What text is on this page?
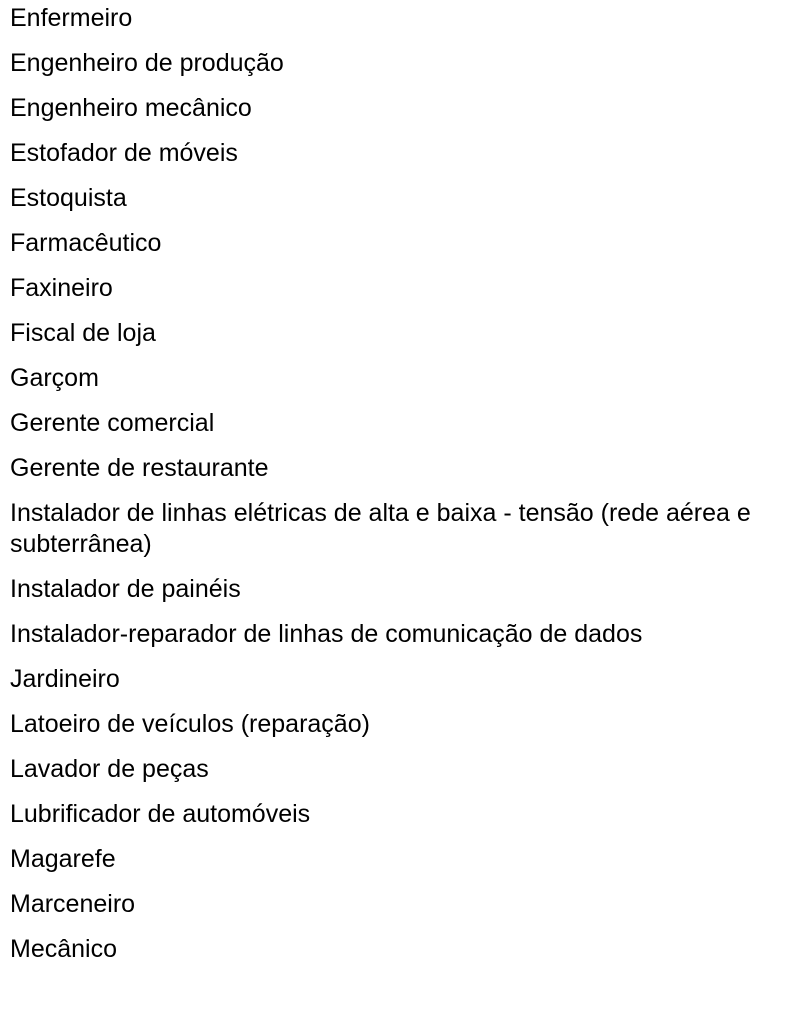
Enfermeiro
Engenheiro de produção
Engenheiro mecânico
Estofador de móveis
Estoquista
Farmacêutico
Faxineiro
Fiscal de loja
Garçom
Gerente comercial
Gerente de restaurante
Instalador de linhas elétricas de alta e baixa - tensão (rede aérea e subterrânea)
Instalador de painéis
Instalador-reparador de linhas de comunicação de dados
Jardineiro
Latoeiro de veículos (reparação)
Lavador de peças
Lubrificador de automóveis
Magarefe
Marceneiro
Mecânico
